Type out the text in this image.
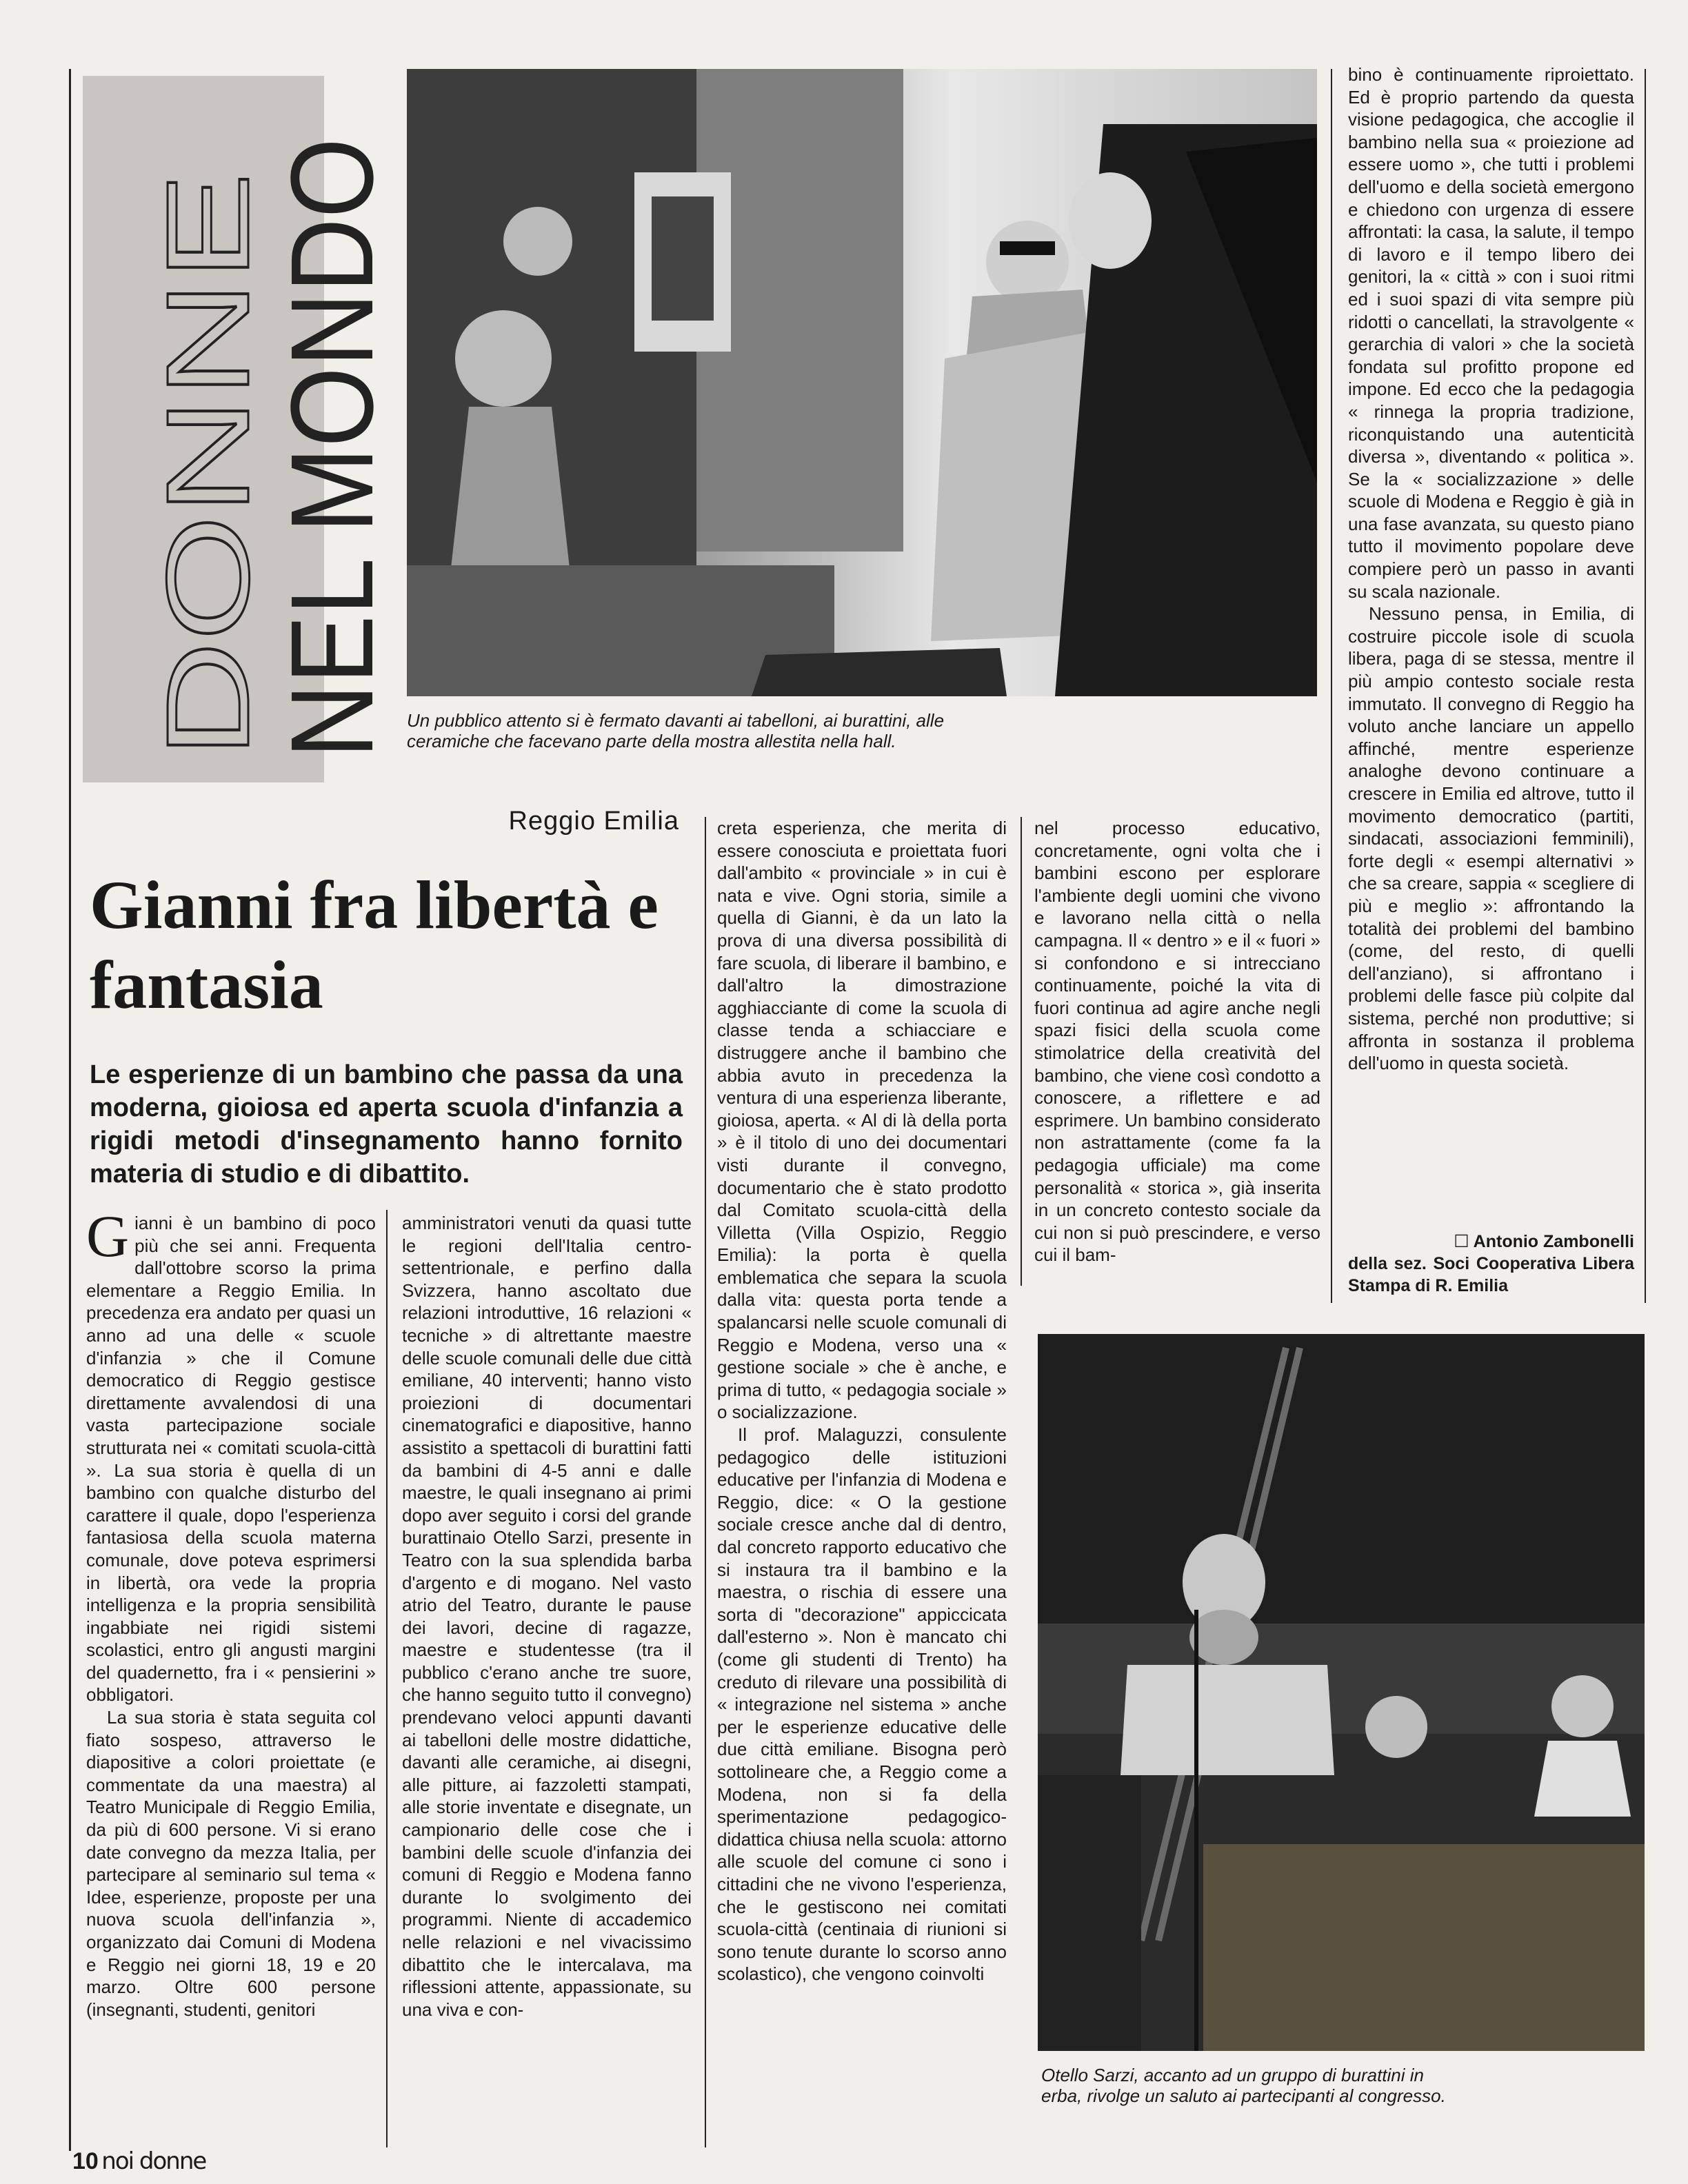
DONNE
NEL MONDO Un pubblico attento si è fermato davanti ai tabelloni, ai burattini, alle ceramiche che facevano parte della mostra allestita nella hall.
Reggio Emilia
Gianni fra libertà e fantasia
Le esperienze di un bambino che passa da una moderna, gioiosa ed aperta scuola d'infanzia a rigidi metodi d'insegnamento hanno fornito materia di studio e di dibattito.

Gianni è un bambino di poco più che sei anni. Frequenta dall'ottobre scorso la prima elementare a Reggio Emilia. In precedenza era andato per quasi un anno ad una delle « scuole d'infanzia » che il Comune democratico di Reggio gestisce direttamente avvalendosi di una vasta partecipazione sociale strutturata nei « comitati scuola-città ». La sua storia è quella di un bambino con qualche disturbo del carattere il quale, dopo l'esperienza fantasiosa della scuola materna comunale, dove poteva esprimersi in libertà, ora vede la propria intelligenza e la propria sensibilità ingabbiate nei rigidi sistemi scolastici, entro gli angusti margini del quadernetto, fra i « pensierini » obbligatori.

La sua storia è stata seguita col fiato sospeso, attraverso le diapositive a colori proiettate (e commentate da una maestra) al Teatro Municipale di Reggio Emilia, da più di 600 persone. Vi si erano date convegno da mezza Italia, per partecipare al seminario sul tema « Idee, esperienze, proposte per una nuova scuola dell'infanzia », organizzato dai Comuni di Modena e Reggio nei giorni 18, 19 e 20 marzo. Oltre 600 persone (insegnanti, studenti, genitori

amministratori venuti da quasi tutte le regioni dell'Italia centro-settentrionale, e perfino dalla Svizzera, hanno ascoltato due relazioni introduttive, 16 relazioni « tecniche » di altrettante maestre delle scuole comunali delle due città emiliane, 40 interventi; hanno visto proiezioni di documentari cinematografici e diapositive, hanno assistito a spettacoli di burattini fatti da bambini di 4-5 anni e dalle maestre, le quali insegnano ai primi dopo aver seguito i corsi del grande burattinaio Otello Sarzi, presente in Teatro con la sua splendida barba d'argento e di mogano. Nel vasto atrio del Teatro, durante le pause dei lavori, decine di ragazze, maestre e studentesse (tra il pubblico c'erano anche tre suore, che hanno seguito tutto il convegno) prendevano veloci appunti davanti ai tabelloni delle mostre didattiche, davanti alle ceramiche, ai disegni, alle pitture, ai fazzoletti stampati, alle storie inventate e disegnate, un campionario delle cose che i bambini delle scuole d'infanzia dei comuni di Reggio e Modena fanno durante lo svolgimento dei programmi. Niente di accademico nelle relazioni e nel vivacissimo dibattito che le intercalava, ma riflessioni attente, appassionate, su una viva e con-

creta esperienza, che merita di essere conosciuta e proiettata fuori dall'ambito « provinciale » in cui è nata e vive. Ogni storia, simile a quella di Gianni, è da un lato la prova di una diversa possibilità di fare scuola, di liberare il bambino, e dall'altro la dimostrazione agghiacciante di come la scuola di classe tenda a schiacciare e distruggere anche il bambino che abbia avuto in precedenza la ventura di una esperienza liberante, gioiosa, aperta. « Al di là della porta » è il titolo di uno dei documentari visti durante il convegno, documentario che è stato prodotto dal Comitato scuola-città della Villetta (Villa Ospizio, Reggio Emilia): la porta è quella emblematica che separa la scuola dalla vita: questa porta tende a spalancarsi nelle scuole comunali di Reggio e Modena, verso una « gestione sociale » che è anche, e prima di tutto, « pedagogia sociale » o socializzazione.

Il prof. Malaguzzi, consulente pedagogico delle istituzioni educative per l'infanzia di Modena e Reggio, dice: « O la gestione sociale cresce anche dal di dentro, dal concreto rapporto educativo che si instaura tra il bambino e la maestra, o rischia di essere una sorta di "decorazione" appiccicata dall'esterno ». Non è mancato chi (come gli studenti di Trento) ha creduto di rilevare una possibilità di « integrazione nel sistema » anche per le esperienze educative delle due città emiliane. Bisogna però sottolineare che, a Reggio come a Modena, non si fa della sperimentazione pedagogico-didattica chiusa nella scuola: attorno alle scuole del comune ci sono i cittadini che ne vivono l'esperienza, che le gestiscono nei comitati scuola-città (centinaia di riunioni si sono tenute durante lo scorso anno scolastico), che vengono coinvolti

nel processo educativo, concretamente, ogni volta che i bambini escono per esplorare l'ambiente degli uomini che vivono e lavorano nella città o nella campagna. Il « dentro » e il « fuori » si confondono e si intrecciano continuamente, poiché la vita di fuori continua ad agire anche negli spazi fisici della scuola come stimolatrice della creatività del bambino, che viene così condotto a conoscere, a riflettere e ad esprimere. Un bambino considerato non astrattamente (come fa la pedagogia ufficiale) ma come personalità « storica », già inserita in un concreto contesto sociale da cui non si può prescindere, e verso cui il bam-

bino è continuamente riproiettato. Ed è proprio partendo da questa visione pedagogica, che accoglie il bambino nella sua « proiezione ad essere uomo », che tutti i problemi dell'uomo e della società emergono e chiedono con urgenza di essere affrontati: la casa, la salute, il tempo di lavoro e il tempo libero dei genitori, la « città » con i suoi ritmi ed i suoi spazi di vita sempre più ridotti o cancellati, la stravolgente « gerarchia di valori » che la società fondata sul profitto propone ed impone. Ed ecco che la pedagogia « rinnega la propria tradizione, riconquistando una autenticità diversa », diventando « politica ». Se la « socializzazione » delle scuole di Modena e Reggio è già in una fase avanzata, su questo piano tutto il movimento popolare deve compiere però un passo in avanti su scala nazionale.

Nessuno pensa, in Emilia, di costruire piccole isole di scuola libera, paga di se stessa, mentre il più ampio contesto sociale resta immutato. Il convegno di Reggio ha voluto anche lanciare un appello affinché, mentre esperienze analoghe devono continuare a crescere in Emilia ed altrove, tutto il movimento democratico (partiti, sindacati, associazioni femminili), forte degli « esempi alternativi » che sa creare, sappia « scegliere di più e meglio »: affrontando la totalità dei problemi del bambino (come, del resto, di quelli dell'anziano), si affrontano i problemi delle fasce più colpite dal sistema, perché non produttive; si affronta in sostanza il problema dell'uomo in questa società.

☐ Antonio Zambonelli
della sez. Soci Cooperativa Libera Stampa di R. Emilia
Otello Sarzi, accanto ad un gruppo di burattini in erba, rivolge un saluto ai partecipanti al congresso.
10 noi donne
